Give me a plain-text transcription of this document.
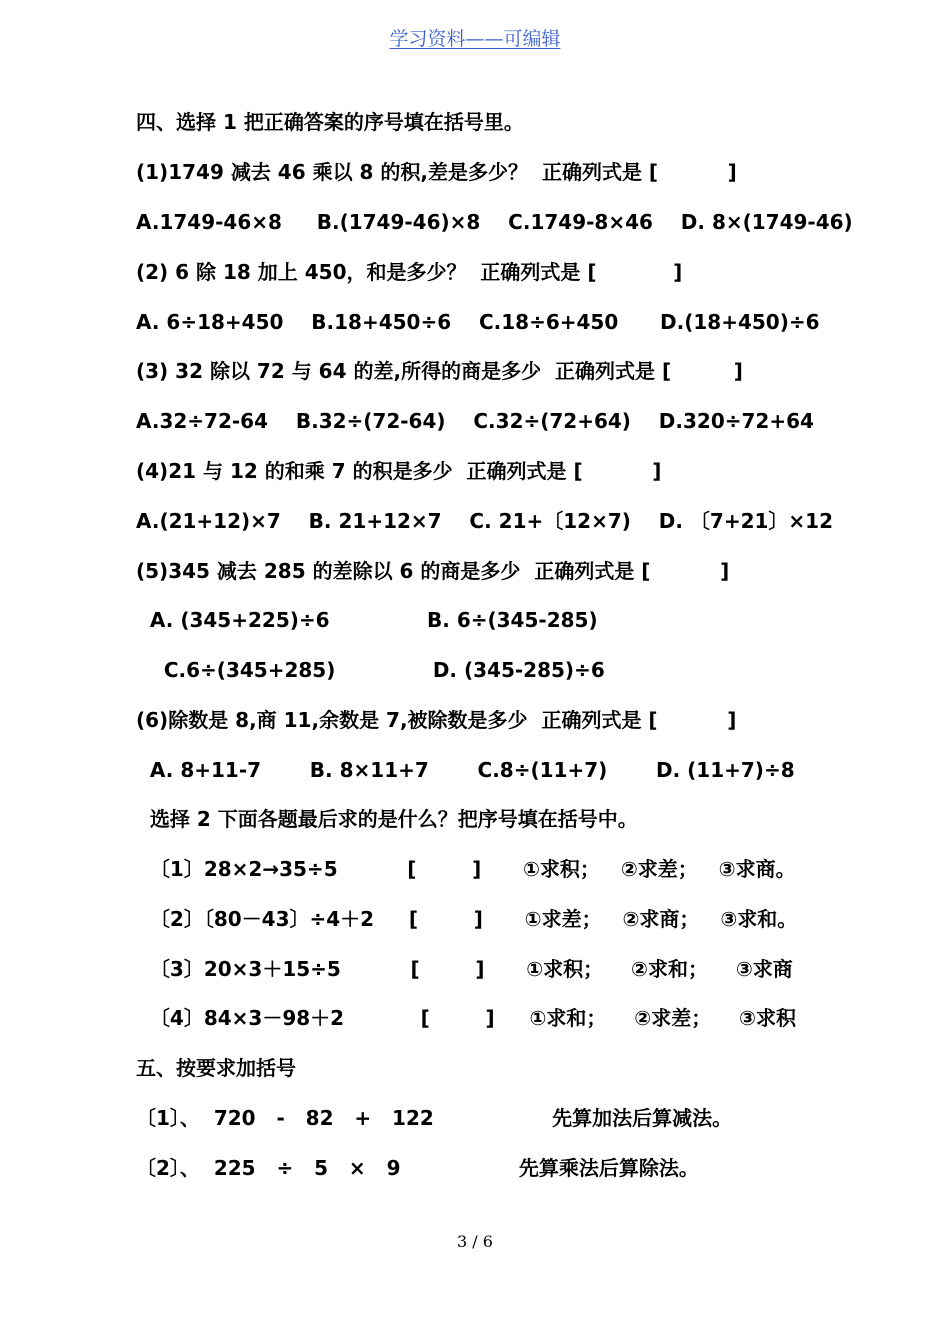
学习资料——可编辑
四、选择 1 把正确答案的序号填在括号里。
(1)1749 减去 46 乘以 8 的积,差是多少？  正确列式是 [          ]
A.1749-46×8     B.(1749-46)×8    C.1749-8×46    D. 8×(1749-46)
(2) 6 除 18 加上 450，和是多少？  正确列式是 [           ]
A. 6÷18+450    B.18+450÷6    C.18÷6+450      D.(18+450)÷6
(3) 32 除以 72 与 64 的差,所得的商是多少  正确列式是 [         ]
A.32÷72-64    B.32÷(72-64)    C.32÷(72+64)    D.320÷72+64
(4)21 与 12 的和乘 7 的积是多少  正确列式是 [          ]
A.(21+12)×7    B. 21+12×7    C. 21+〔12×7)    D. 〔7+21〕×12
(5)345 减去 285 的差除以 6 的商是多少  正确列式是 [          ]
A. (345+225)÷6              B. 6÷(345-285)
C.6÷(345+285)              D. (345-285)÷6
(6)除数是 8,商 11,余数是 7,被除数是多少  正确列式是 [          ]
A. 8+11-7       B. 8×11+7       C.8÷(11+7)       D. (11+7)÷8
选择 2 下面各题最后求的是什么？把序号填在括号中。
〔1〕28×2→35÷5          [        ]      ①求积；   ②求差；   ③求商。
〔2〕〔80－43〕÷4＋2     [        ]      ①求差；   ②求商；   ③求和。
〔3〕20×3＋15÷5          [        ]      ①求积；    ②求和；    ③求商
〔4〕84×3－98＋2           [        ]     ①求和；    ②求差；    ③求积
五、按要求加括号
〔1〕、  720   -   82   +   122                 先算加法后算减法。
〔2〕、  225   ÷   5   ×   9                 先算乘法后算除法。
3 / 6
